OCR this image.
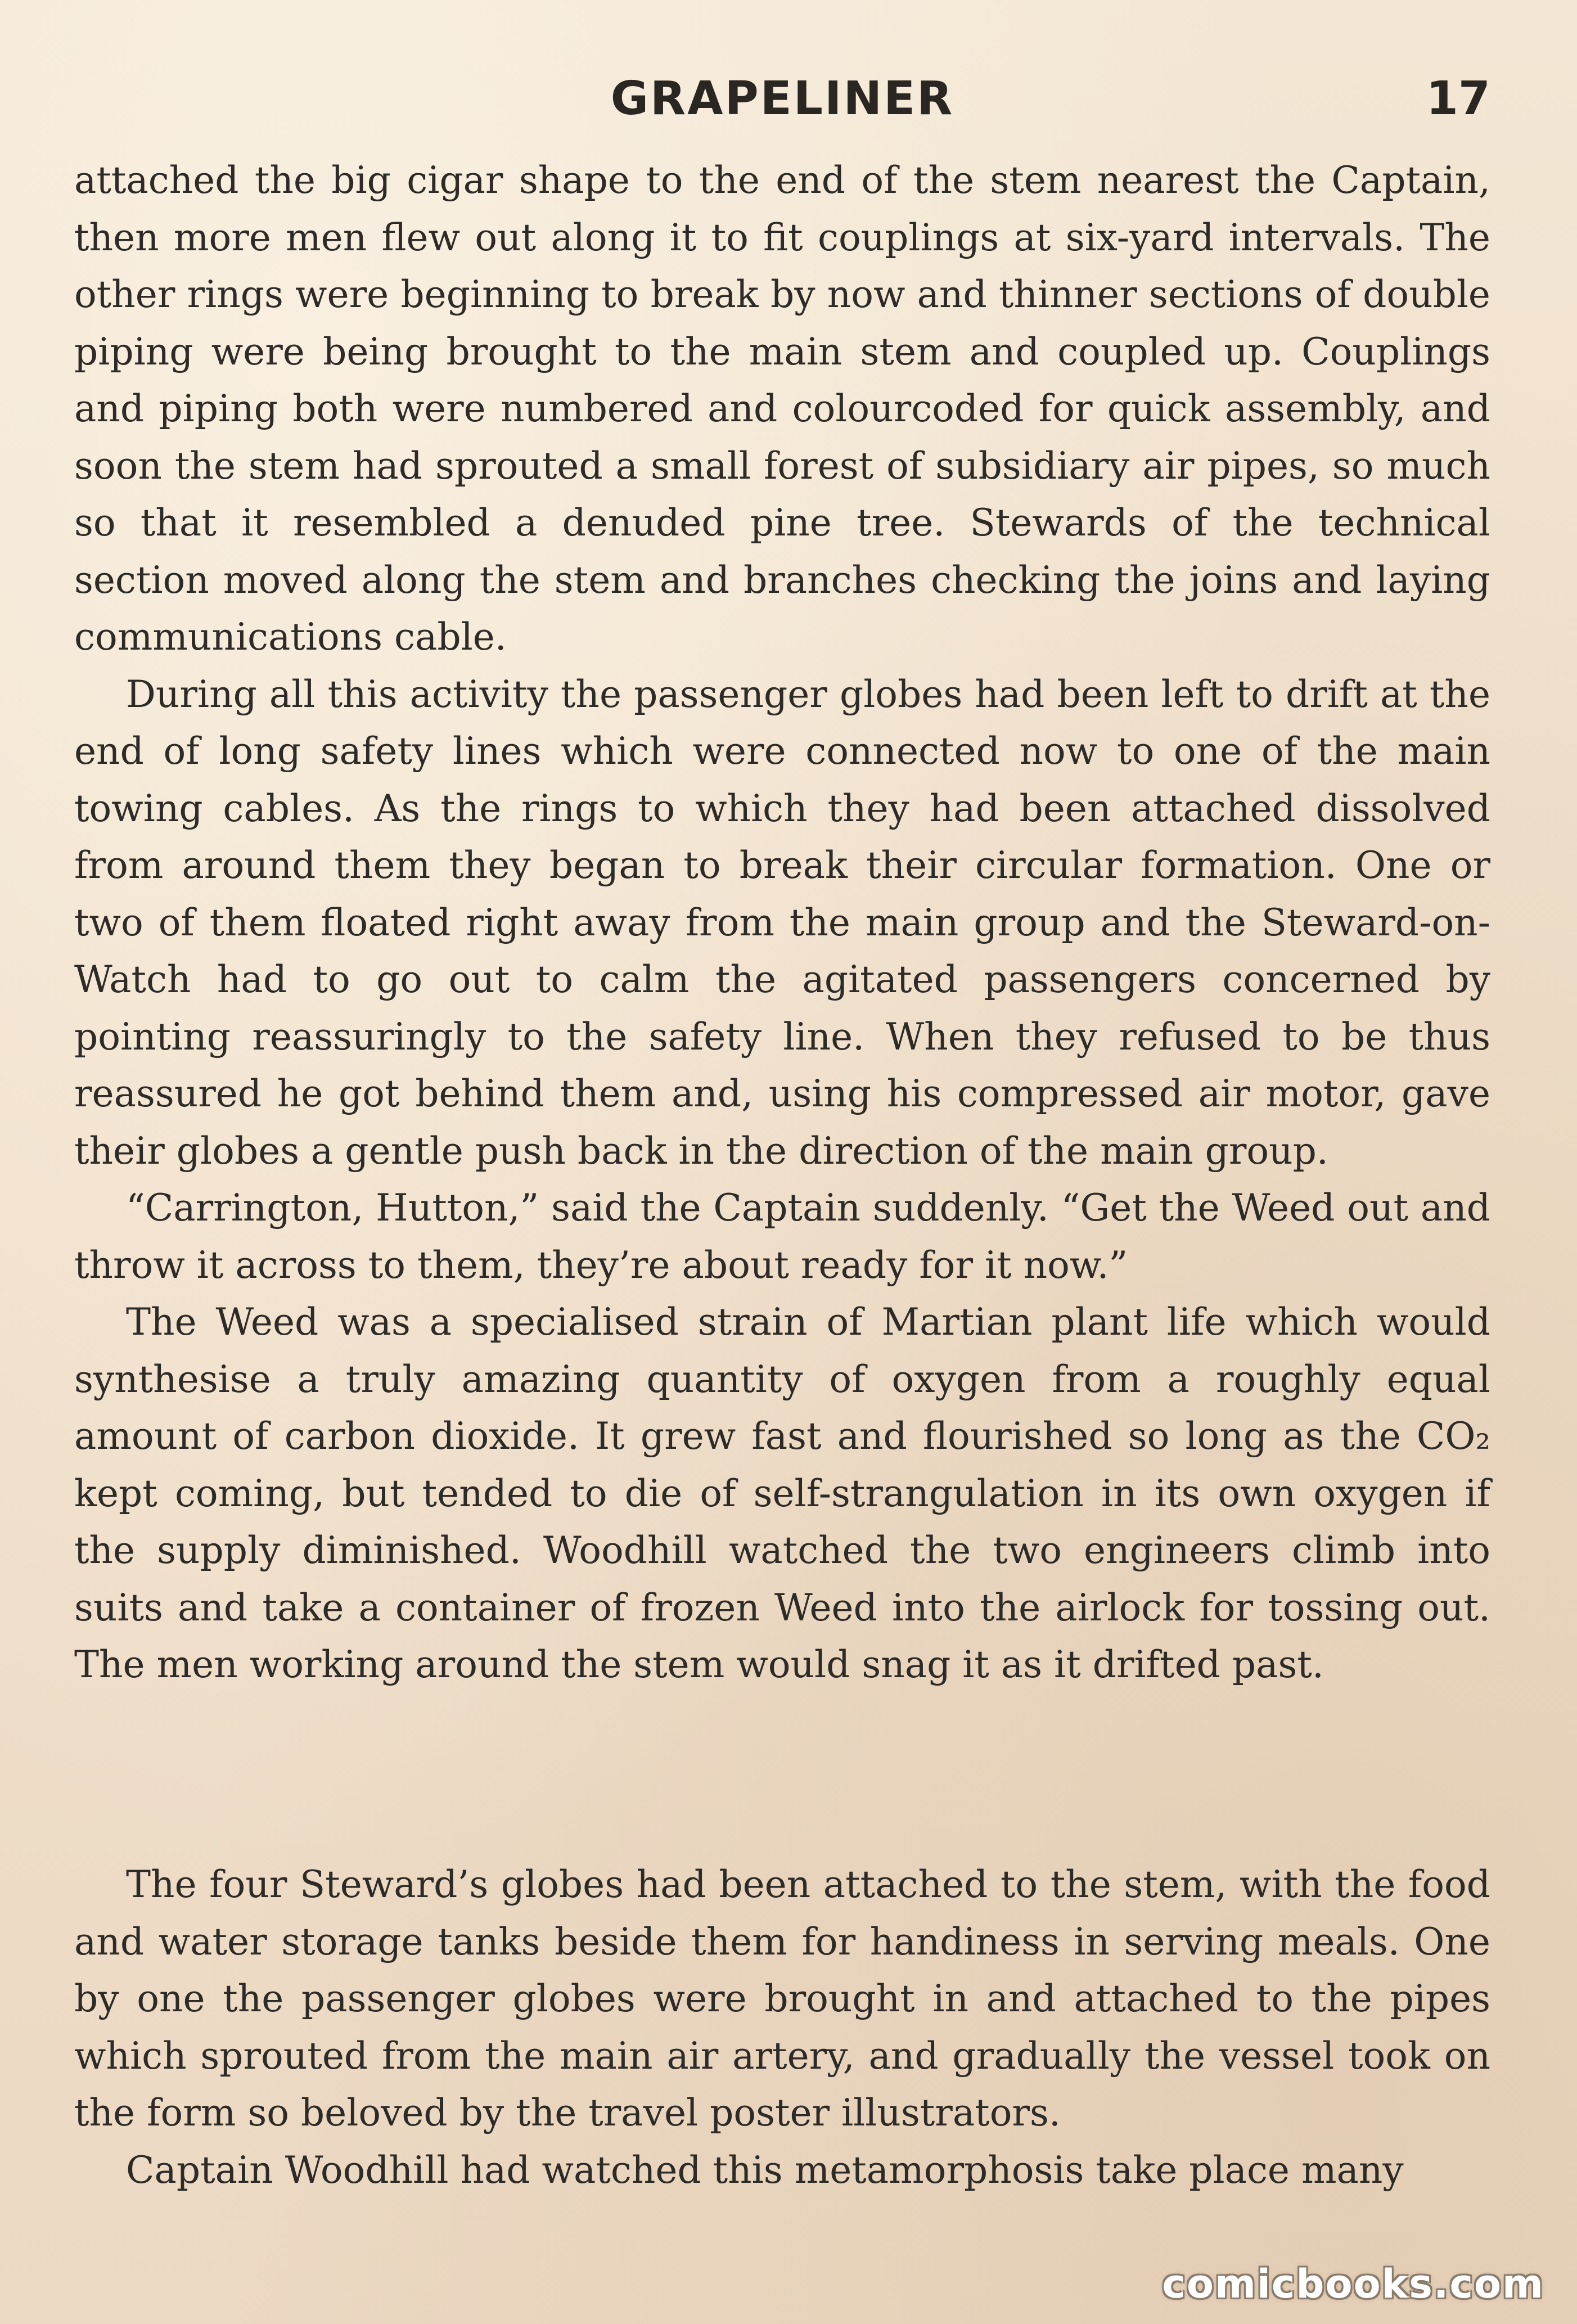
GRAPELINER	17

attached the big cigar shape to the end of the stem nearest the Captain, then more men flew out along it to fit couplings at six-yard intervals. The other rings were beginning to break by now and thinner sections of double piping were being brought to the main stem and coupled up. Couplings and piping both were numbered and colourcoded for quick assembly, and soon the stem had sprouted a small forest of subsidiary air pipes, so much so that it resembled a denuded pine tree. Stewards of the technical section moved along the stem and branches checking the joins and laying communications cable.

During all this activity the passenger globes had been left to drift at the end of long safety lines which were connected now to one of the main towing cables. As the rings to which they had been attached dissolved from around them they began to break their circular formation. One or two of them floated right away from the main group and the Steward-on-Watch had to go out to calm the agitated passengers concerned by pointing reassuringly to the safety line. When they refused to be thus reassured he got behind them and, using his compressed air motor, gave their globes a gentle push back in the direction of the main group.

“Carrington, Hutton,” said the Captain suddenly. “Get the Weed out and throw it across to them, they’re about ready for it now.”

The Weed was a specialised strain of Martian plant life which would synthesise a truly amazing quantity of oxygen from a roughly equal amount of carbon dioxide. It grew fast and flourished so long as the CO₂ kept coming, but tended to die of self-strangulation in its own oxygen if the supply diminished. Woodhill watched the two engineers climb into suits and take a container of frozen Weed into the airlock for tossing out. The men working around the stem would snag it as it drifted past.

The four Steward’s globes had been attached to the stem, with the food and water storage tanks beside them for handiness in serving meals. One by one the passenger globes were brought in and attached to the pipes which sprouted from the main air artery, and gradually the vessel took on the form so beloved by the travel poster illustrators.

Captain Woodhill had watched this metamorphosis take place many

comicbooks.com
